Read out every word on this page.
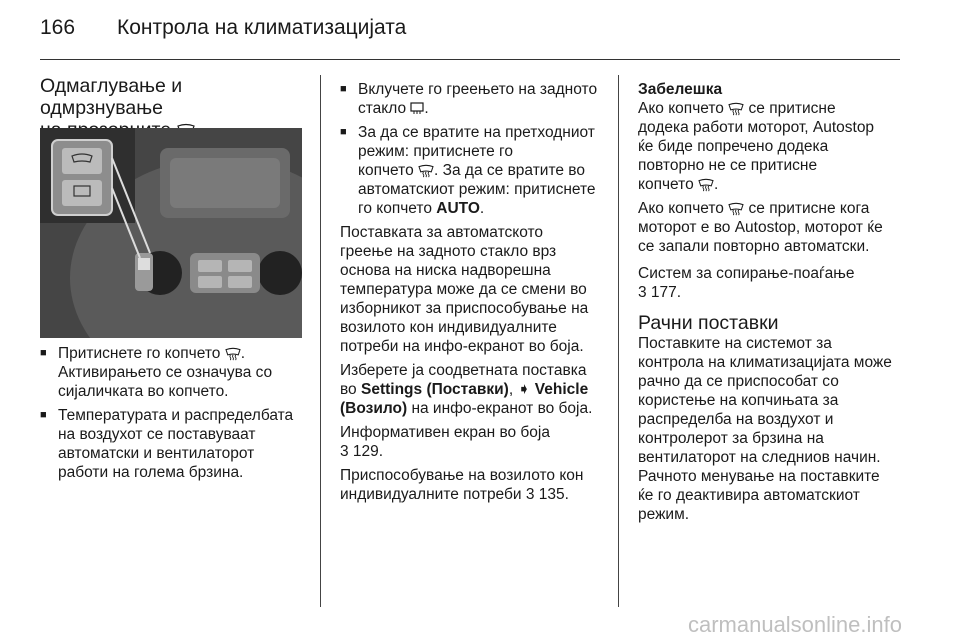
166 Контрола на климатизацијата
Одмаглување и одмрзнување

■ Притиснете го копчето .
Активирањето се означува со
сијаличката во копчето.
■ Температурата и распределбата
на воздухот се поставуваат
автоматски и вентилаторот
работи на голема брзина.
■ Вклучете го греењето на задното
стакло .
■ За да се вратите на претходниот
режим: притиснете го
копчето . За да се вратите во
автоматскиот режим: притиснете
го копчето AUTO.

Поставката за автоматското
греење на задното стакло врз
основа на ниска надворешна
температура може да се смени во
изборникот за приспособување на
возилото кон индивидуалните
потреби на инфо-екранот во боја.

Изберете ја соодветната поставка
во Settings (Поставки), ➧ Vehicle
(Возило) на инфо-екранот во боја.

Информативен екран во боја
3 129.

Приспособување на возилото кон
индивидуалните потреби 3 135.

Забелешка
Ако копчето се притисне
додека работи моторот, Autostop
ќе биде попречено додека
повторно не се притисне
копчето .

Ако копчето се притисне кога
моторот е во Autostop, моторот ќе
се запали повторно автоматски.

Систем за сопирање-поаѓање
3 177.

Рачни поставки

Поставките на системот за
контрола на климатизацијата може
рачно да се приспособат со
користење на копчињата за
распределба на воздухот и
контролерот за брзина на
вентилаторот на следниов начин.
Рачното менување на поставките
ќе го деактивира автоматскиот
режим.

carmanualsonline.info
